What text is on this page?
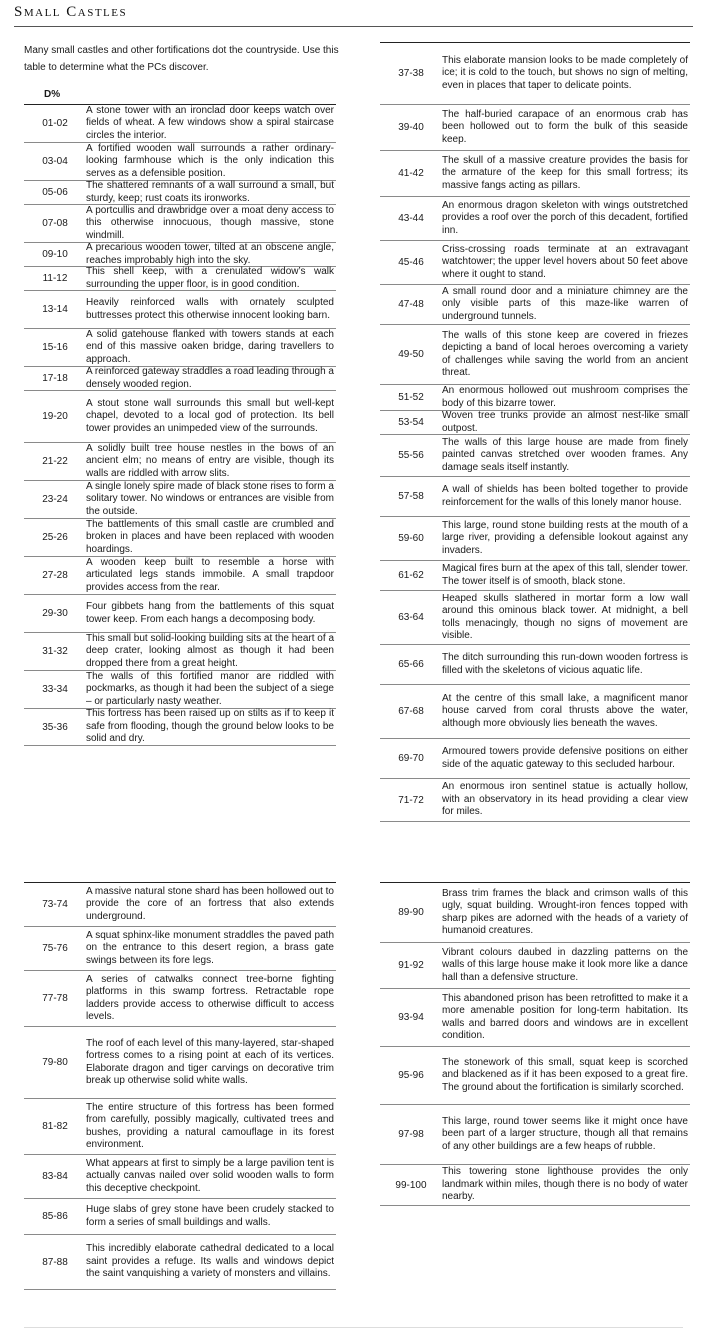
Small Castles
Many small castles and other fortifications dot the countryside. Use this table to determine what the PCs discover.
D%
01-02
A stone tower with an ironclad door keeps watch over fields of wheat. A few windows show a spiral staircase circles the interior.
03-04
A fortified wooden wall surrounds a rather ordinary-looking farmhouse which is the only indication this serves as a defensible position.
05-06
The shattered remnants of a wall surround a small, but sturdy, keep; rust coats its ironworks.
07-08
A portcullis and drawbridge over a moat deny access to this otherwise innocuous, though massive, stone windmill.
09-10
A precarious wooden tower, tilted at an obscene angle, reaches improbably high into the sky.
11-12
This shell keep, with a crenulated widow’s walk surrounding the upper floor, is in good condition.
13-14
Heavily reinforced walls with ornately sculpted buttresses protect this otherwise innocent looking barn.
15-16
A solid gatehouse flanked with towers stands at each end of this massive oaken bridge, daring travellers to approach.
17-18
A reinforced gateway straddles a road leading through a densely wooded region.
19-20
A stout stone wall surrounds this small but well-kept chapel, devoted to a local god of protection. Its bell tower provides an unimpeded view of the surrounds.
21-22
A solidly built tree house nestles in the bows of an ancient elm; no means of entry are visible, though its walls are riddled with arrow slits.
23-24
A single lonely spire made of black stone rises to form a solitary tower. No windows or entrances are visible from the outside.
25-26
The battlements of this small castle are crumbled and broken in places and have been replaced with wooden hoardings.
27-28
A wooden keep built to resemble a horse with articulated legs stands immobile. A small trapdoor provides access from the rear.
29-30
Four gibbets hang from the battlements of this squat tower keep. From each hangs a decomposing body.
31-32
This small but solid-looking building sits at the heart of a deep crater, looking almost as though it had been dropped there from a great height.
33-34
The walls of this fortified manor are riddled with pockmarks, as though it had been the subject of a siege – or particularly nasty weather.
35-36
This fortress has been raised up on stilts as if to keep it safe from flooding, though the ground below looks to be solid and dry.
37-38
This elaborate mansion looks to be made completely of ice; it is cold to the touch, but shows no sign of melting, even in places that taper to delicate points.
39-40
The half-buried carapace of an enormous crab has been hollowed out to form the bulk of this seaside keep.
41-42
The skull of a massive creature provides the basis for the armature of the keep for this small fortress; its massive fangs acting as pillars.
43-44
An enormous dragon skeleton with wings outstretched provides a roof over the porch of this decadent, fortified inn.
45-46
Criss-crossing roads terminate at an extravagant watchtower; the upper level hovers about 50 feet above where it ought to stand.
47-48
A small round door and a miniature chimney are the only visible parts of this maze-like warren of underground tunnels.
49-50
The walls of this stone keep are covered in friezes depicting a band of local heroes overcoming a variety of challenges while saving the world from an ancient threat.
51-52
An enormous hollowed out mushroom comprises the body of this bizarre tower.
53-54
Woven tree trunks provide an almost nest-like small outpost.
55-56
The walls of this large house are made from finely painted canvas stretched over wooden frames. Any damage seals itself instantly.
57-58
A wall of shields has been bolted together to provide reinforcement for the walls of this lonely manor house.
59-60
This large, round stone building rests at the mouth of a large river, providing a defensible lookout against any invaders.
61-62
Magical fires burn at the apex of this tall, slender tower. The tower itself is of smooth, black stone.
63-64
Heaped skulls slathered in mortar form a low wall around this ominous black tower. At midnight, a bell tolls menacingly, though no signs of movement are visible.
65-66
The ditch surrounding this run-down wooden fortress is filled with the skeletons of vicious aquatic life.
67-68
At the centre of this small lake, a magnificent manor house carved from coral thrusts above the water, although more obviously lies beneath the waves.
69-70
Armoured towers provide defensive positions on either side of the aquatic gateway to this secluded harbour.
71-72
An enormous iron sentinel statue is actually hollow, with an observatory in its head providing a clear view for miles.
73-74
A massive natural stone shard has been hollowed out to provide the core of an fortress that also extends underground.
75-76
A squat sphinx-like monument straddles the paved path on the entrance to this desert region, a brass gate swings between its fore legs.
77-78
A series of catwalks connect tree-borne fighting platforms in this swamp fortress. Retractable rope ladders provide access to otherwise difficult to access levels.
79-80
The roof of each level of this many-layered, star-shaped fortress comes to a rising point at each of its vertices. Elaborate dragon and tiger carvings on decorative trim break up otherwise solid white walls.
81-82
The entire structure of this fortress has been formed from carefully, possibly magically, cultivated trees and bushes, providing a natural camouflage in its forest environment.
83-84
What appears at first to simply be a large pavilion tent is actually canvas nailed over solid wooden walls to form this deceptive checkpoint.
85-86
Huge slabs of grey stone have been crudely stacked to form a series of small buildings and walls.
87-88
This incredibly elaborate cathedral dedicated to a local saint provides a refuge. Its walls and windows depict the saint vanquishing a variety of monsters and villains.
89-90
Brass trim frames the black and crimson walls of this ugly, squat building. Wrought-iron fences topped with sharp pikes are adorned with the heads of a variety of humanoid creatures.
91-92
Vibrant colours daubed in dazzling patterns on the walls of this large house make it look more like a dance hall than a defensive structure.
93-94
This abandoned prison has been retrofitted to make it a more amenable position for long-term habitation. Its walls and barred doors and windows are in excellent condition.
95-96
The stonework of this small, squat keep is scorched and blackened as if it has been exposed to a great fire. The ground about the fortification is similarly scorched.
97-98
This large, round tower seems like it might once have been part of a larger structure, though all that remains of any other buildings are a few heaps of rubble.
99-100
This towering stone lighthouse provides the only landmark within miles, though there is no body of water nearby.
